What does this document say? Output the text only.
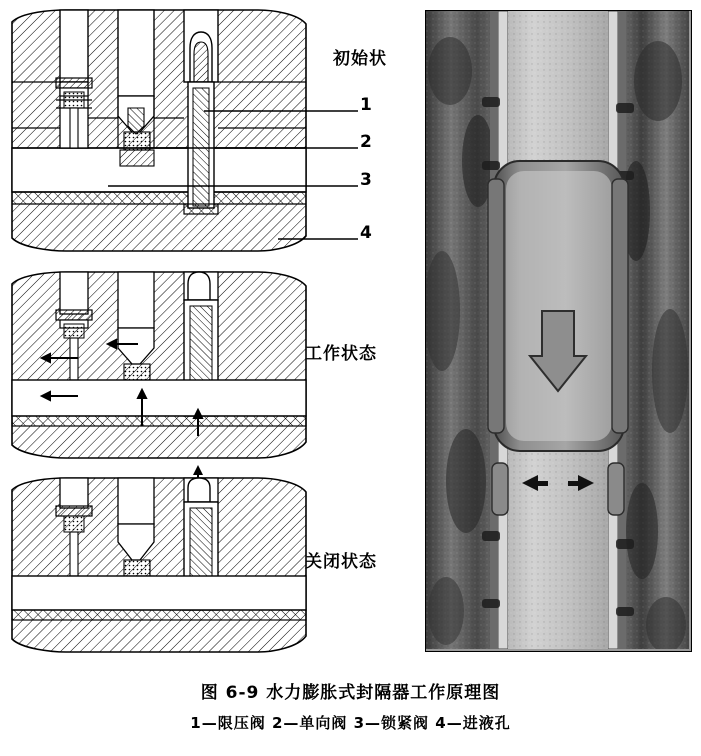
初始状
工作状态
关闭状态
1
2
3
4
图 6-9 水力膨胀式封隔器工作原理图
1—限压阀 2—单向阀 3—锁紧阀 4—进液孔
